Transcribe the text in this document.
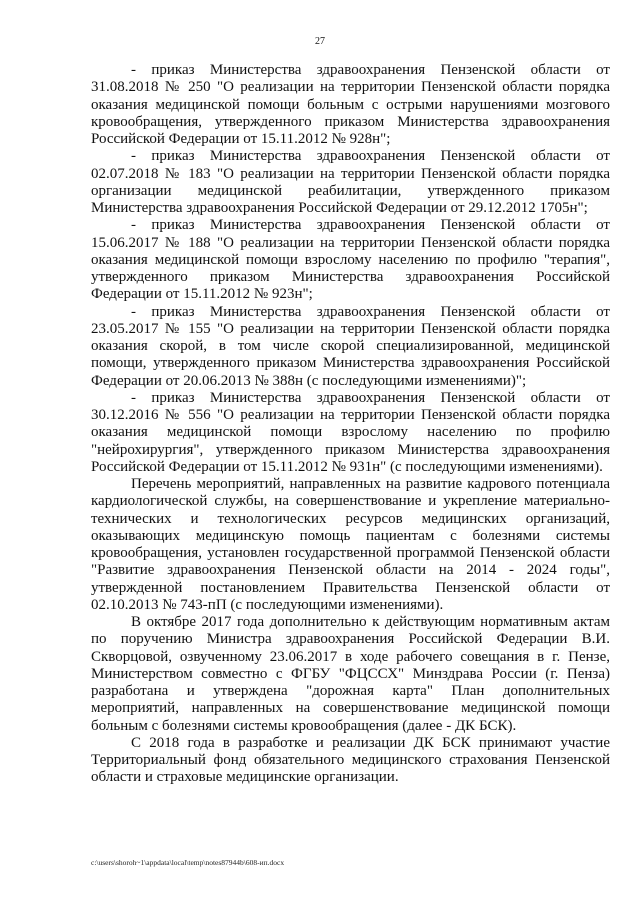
27

- приказ Министерства здравоохранения Пензенской области от 31.08.2018 № 250 "О реализации на территории Пензенской области порядка оказания медицинской помощи больным с острыми нарушениями мозгового кровообращения, утвержденного приказом Министерства здравоохранения Российской Федерации от 15.11.2012 № 928н";

- приказ Министерства здравоохранения Пензенской области от 02.07.2018 № 183 "О реализации на территории Пензенской области порядка организации медицинской реабилитации, утвержденного приказом Министерства здравоохранения Российской Федерации от 29.12.2012 1705н";

- приказ Министерства здравоохранения Пензенской области от 15.06.2017 № 188 "О реализации на территории Пензенской области порядка оказания медицинской помощи взрослому населению по профилю "терапия", утвержденного приказом Министерства здравоохранения Российской Федерации от 15.11.2012 № 923н";

- приказ Министерства здравоохранения Пензенской области от 23.05.2017 № 155 "О реализации на территории Пензенской области порядка оказания скорой, в том числе скорой специализированной, медицинской помощи, утвержденного приказом Министерства здравоохранения Российской Федерации от 20.06.2013 № 388н (с последующими изменениями)";

- приказ Министерства здравоохранения Пензенской области от 30.12.2016 № 556 "О реализации на территории Пензенской области порядка оказания медицинской помощи взрослому населению по профилю "нейрохирургия", утвержденного приказом Министерства здравоохранения Российской Федерации от 15.11.2012 № 931н" (с последующими изменениями).

Перечень мероприятий, направленных на развитие кадрового потенциала кардиологической службы, на совершенствование и укрепление материально-технических и технологических ресурсов медицинских организаций, оказывающих медицинскую помощь пациентам с болезнями системы кровообращения, установлен государственной программой Пензенской области "Развитие здравоохранения Пензенской области на 2014 - 2024 годы", утвержденной постановлением Правительства Пензенской области от 02.10.2013 № 743-пП (с последующими изменениями).

В октябре 2017 года дополнительно к действующим нормативным актам по поручению Министра здравоохранения Российской Федерации В.И. Скворцовой, озвученному 23.06.2017 в ходе рабочего совещания в г. Пензе, Министерством совместно с ФГБУ "ФЦССХ" Минздрава России (г. Пенза) разработана и утверждена "дорожная карта" План дополнительных мероприятий, направленных на совершенствование медицинской помощи больным с болезнями системы кровообращения (далее - ДК БСК).

С 2018 года в разработке и реализации ДК БСК принимают участие Территориальный фонд обязательного медицинского страхования Пензенской области и страховые медицинские организации.

c:\users\shoroh~1\appdata\local\temp\notes87944b\608-ип.docx
